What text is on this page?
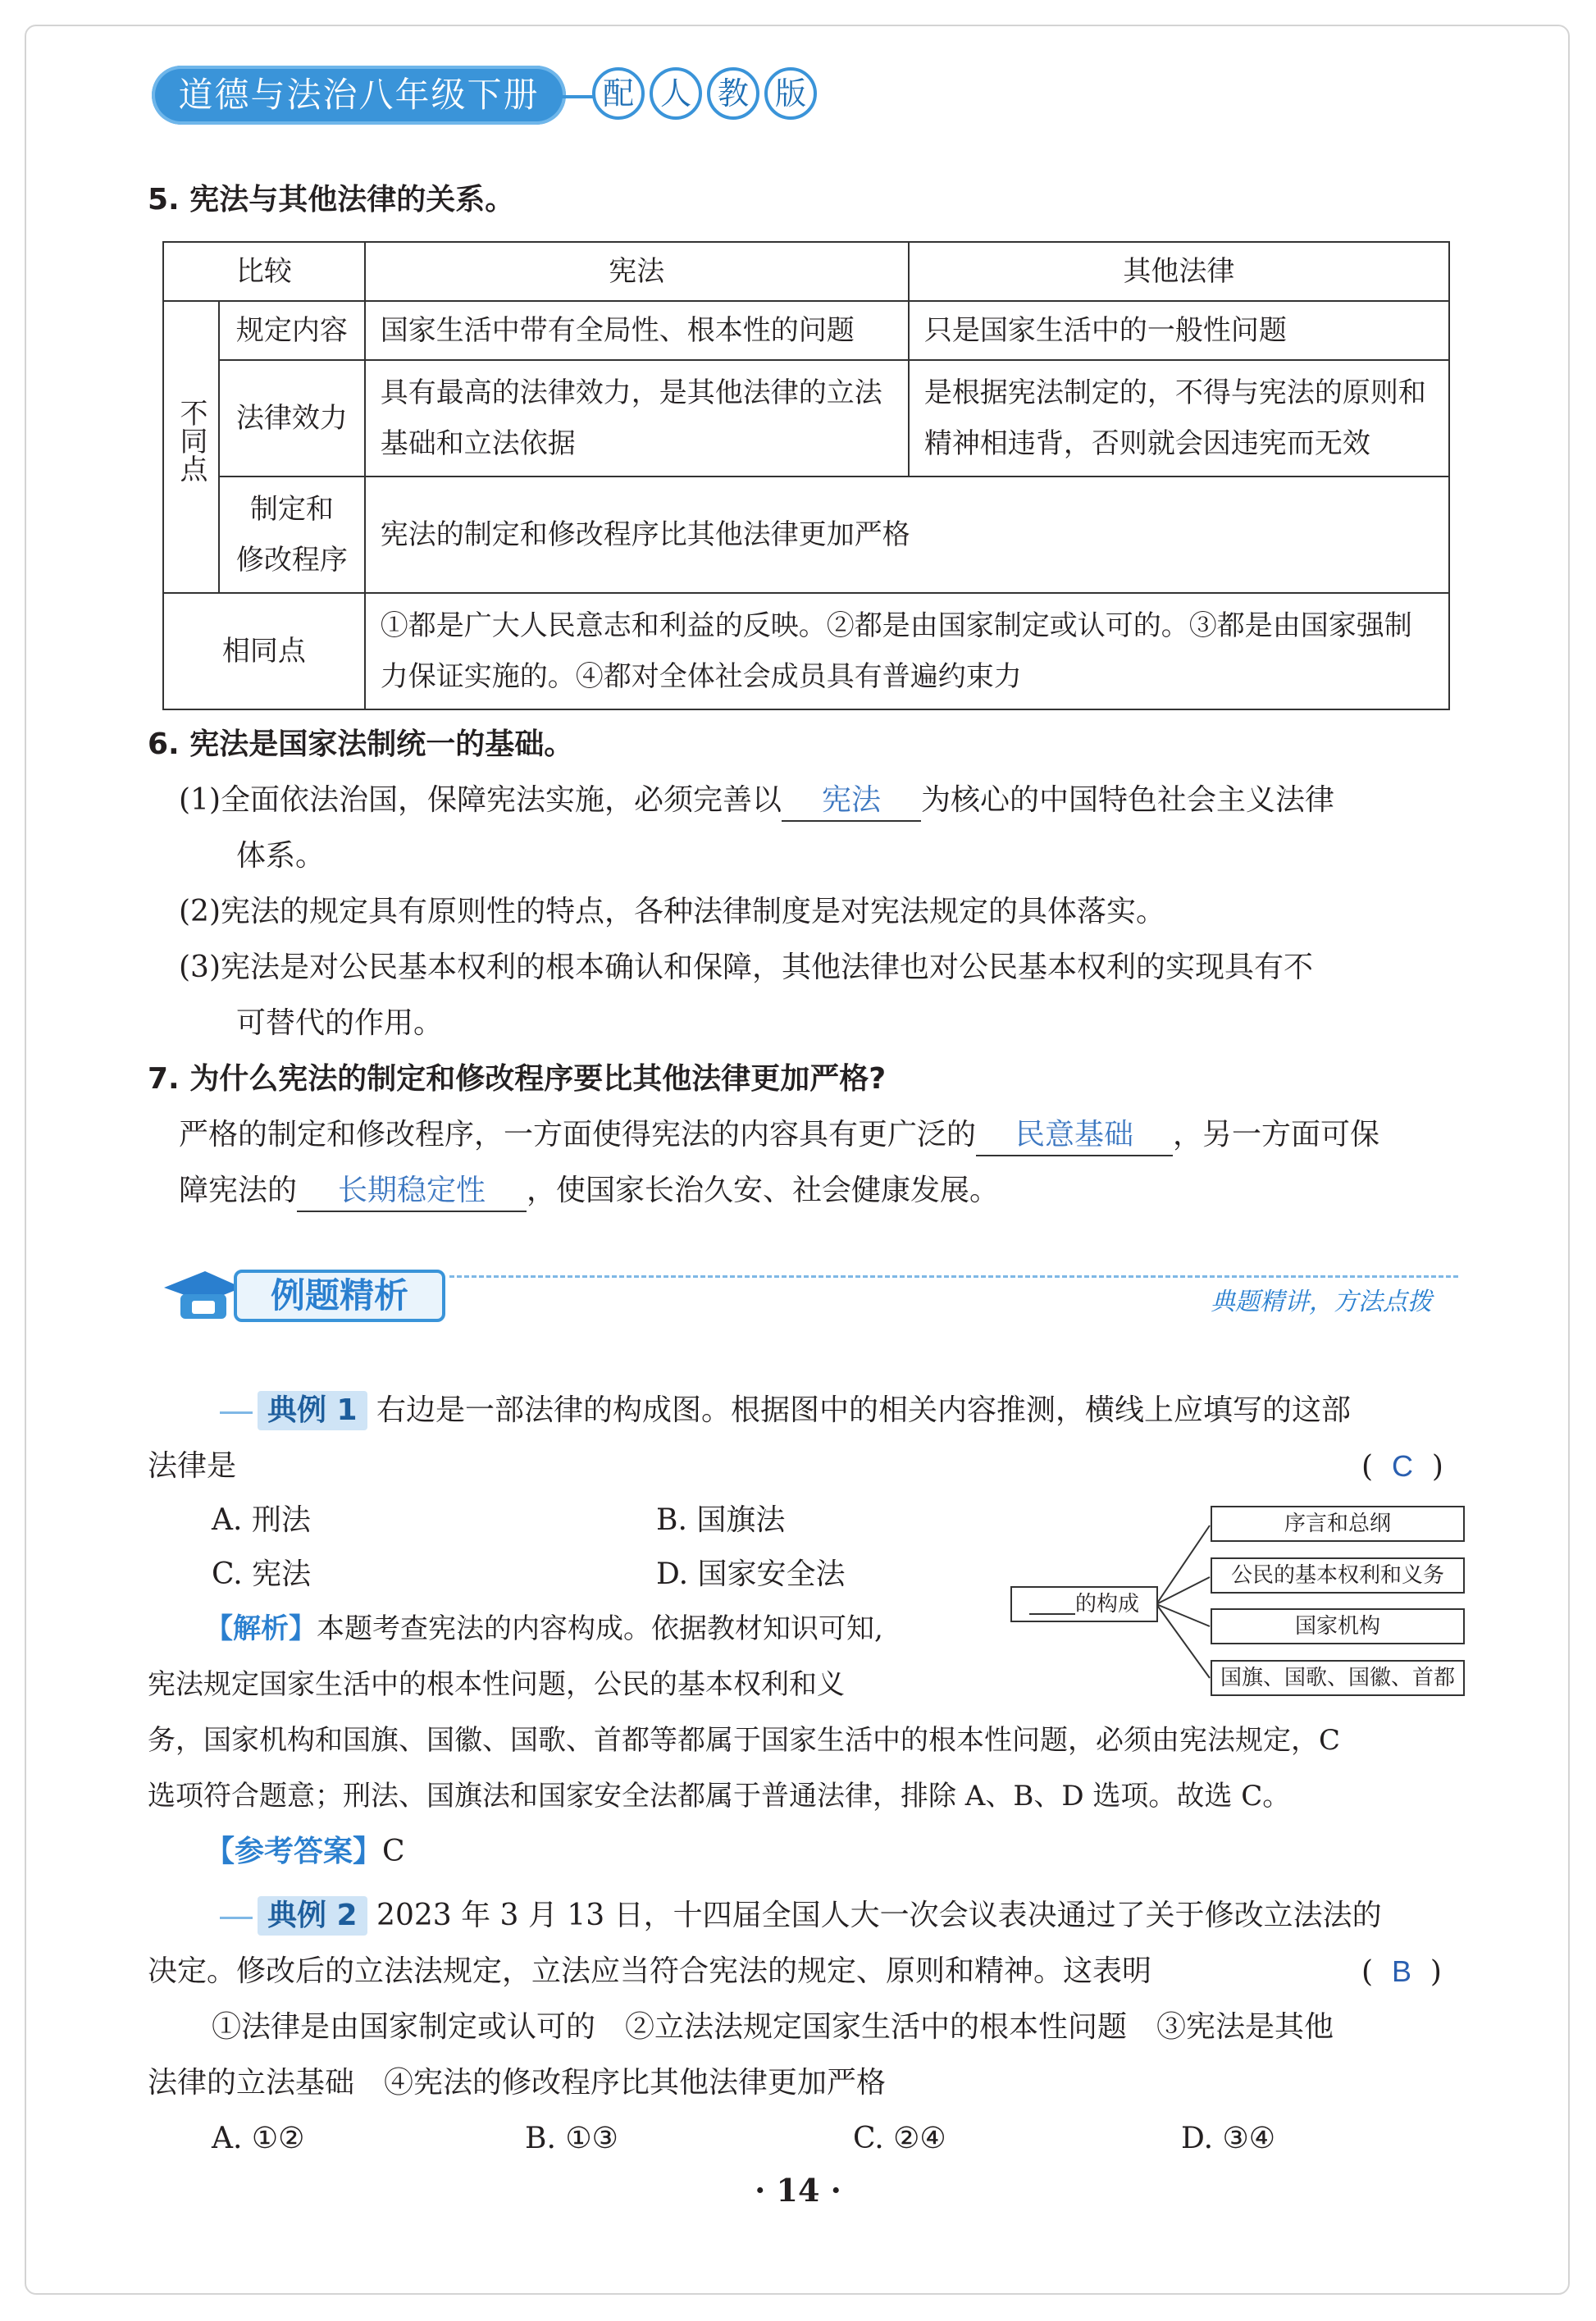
道德与法治八年级下册	配 人 教 版
5. 宪法与其他法律的关系。
比较		宪法	其他法律
不同点	规定内容	国家生活中带有全局性、根本性的问题	只是国家生活中的一般性问题
	法律效力	具有最高的法律效力，是其他法律的立法基础和立法依据	是根据宪法制定的，不得与宪法的原则和精神相违背，否则就会因违宪而无效

	制定和
修改程序	宪法的制定和修改程序比其他法律更加严格	
相同点		①都是广大人民意志和利益的反映。②都是由国家制定或认可的。③都是由国家强制力保证实施的。④都对全体社会成员具有普遍约束力	
6. 宪法是国家法制统一的基础。
(1)全面依法治国，保障宪法实施，必须完善以 宪法 为核心的中国特色社会主义法律
体系。
(2)宪法的规定具有原则性的特点，各种法律制度是对宪法规定的具体落实。
(3)宪法是对公民基本权利的根本确认和保障，其他法律也对公民基本权利的实现具有不
可替代的作用。
7. 为什么宪法的制定和修改程序要比其他法律更加严格?
严格的制定和修改程序，一方面使得宪法的内容具有更广泛的 民意基础 ，另一方面可保
障宪法的 长期稳定性 ，使国家长治久安、社会健康发展。
例题精析	典题精讲，方法点拨
典例 1 右边是一部法律的构成图。根据图中的相关内容推测，横线上应填写的这部
法律是	( C )
A. 刑法	B. 国旗法
C. 宪法	D. 国家安全法
的构成
序言和总纲
公民的基本权利和义务
国家机构
国旗、国歌、国徽、首都
【解析】本题考查宪法的内容构成。依据教材知识可知,
宪法规定国家生活中的根本性问题，公民的基本权利和义
务，国家机构和国旗、国徽、国歌、首都等都属于国家生活中的根本性问题，必须由宪法规定，C
选项符合题意；刑法、国旗法和国家安全法都属于普通法律，排除 A、B、D 选项。故选 C。
【参考答案】C
典例 2 2023 年 3 月 13 日，十四届全国人大一次会议表决通过了关于修改立法法的
决定。修改后的立法法规定，立法应当符合宪法的规定、原则和精神。这表明	( B )
①法律是由国家制定或认可的　②立法法规定国家生活中的根本性问题　③宪法是其他
法律的立法基础　④宪法的修改程序比其他法律更加严格
A. ①②	B. ①③	C. ②④	D. ③④
· 14 ·
